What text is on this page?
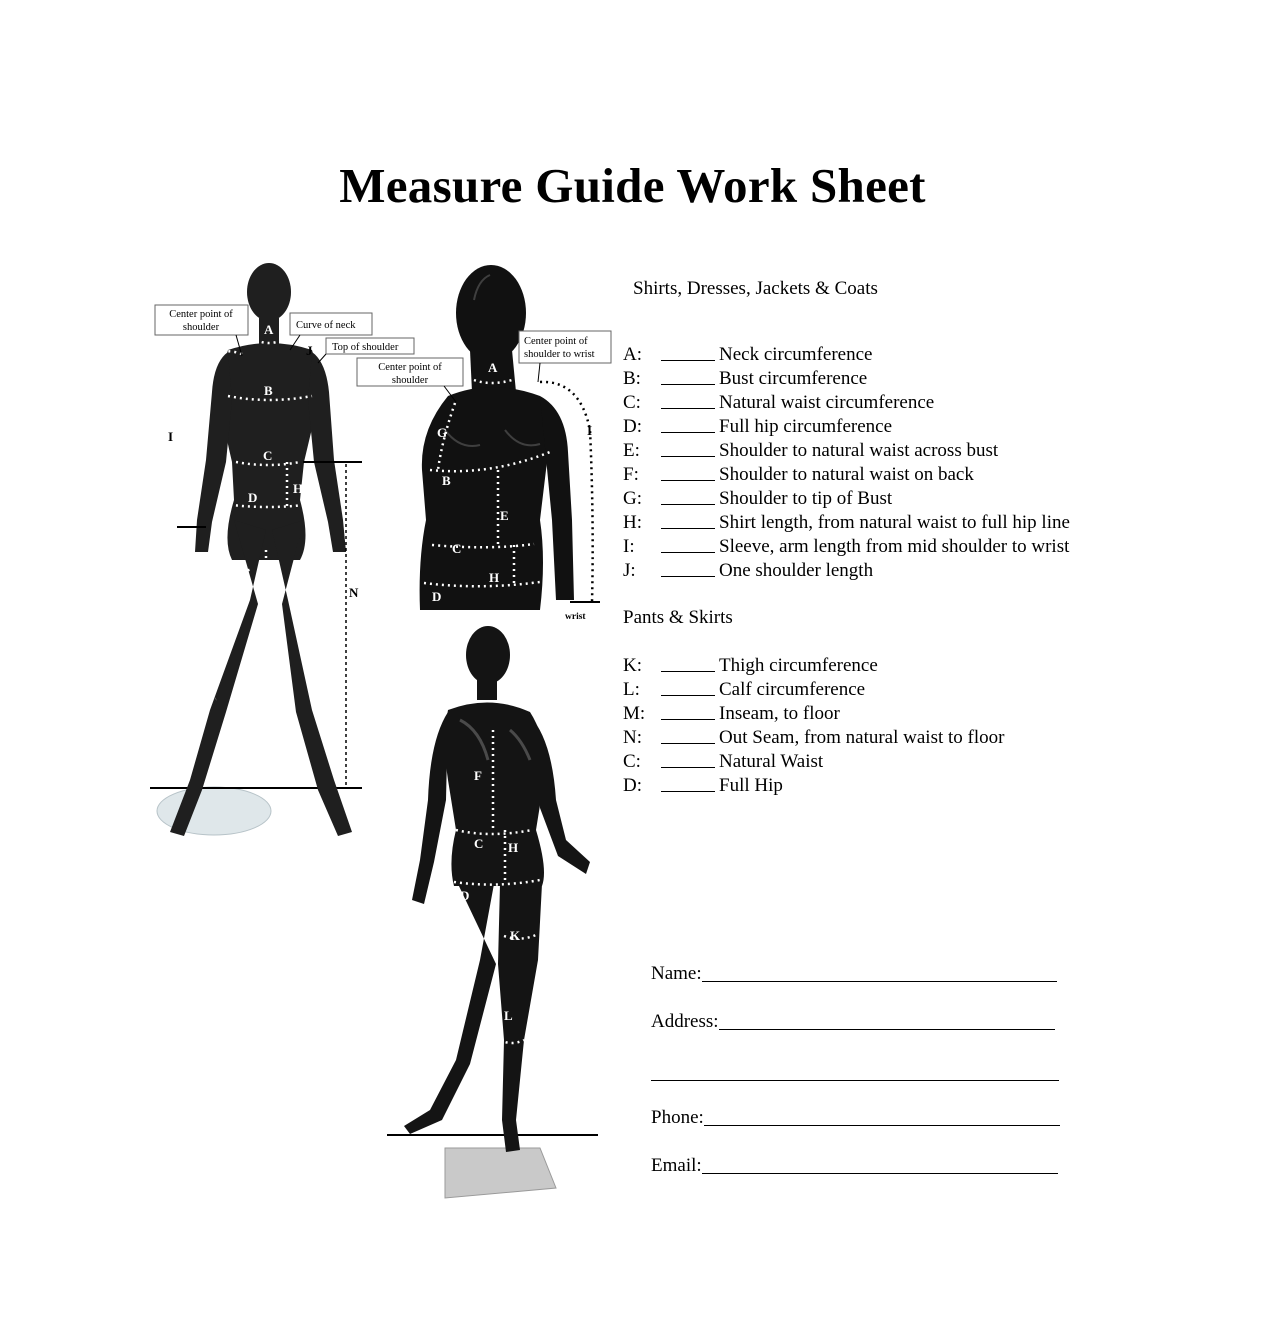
Measure Guide Work Sheet
A
B
C
D
H
K
L
M
I
J
N
Center point of shoulder	Curve of neck
Top of shoulder
A
B
C
D
E
G
H
I
wrist
Center point of shoulder
Center point of shoulder to wrist
F
C H
D
K
L
Shirts, Dresses, Jackets & Coats
A:	Neck circumference
B:	Bust circumference
C:	Natural waist circumference
D:	Full hip circumference
E:	Shoulder to natural waist across bust
F:	Shoulder to natural waist on back
G:	Shoulder to tip of Bust
H:	Shirt length, from natural waist to full hip line
I:	Sleeve, arm length from mid shoulder to wrist
J:	One shoulder length
Pants & Skirts
K:	Thigh circumference
L:	Calf circumference
M:	Inseam, to floor
N:	Out Seam, from natural waist to floor
C:	Natural Waist
D:	Full Hip
Name:
Address:
Phone:
Email:
